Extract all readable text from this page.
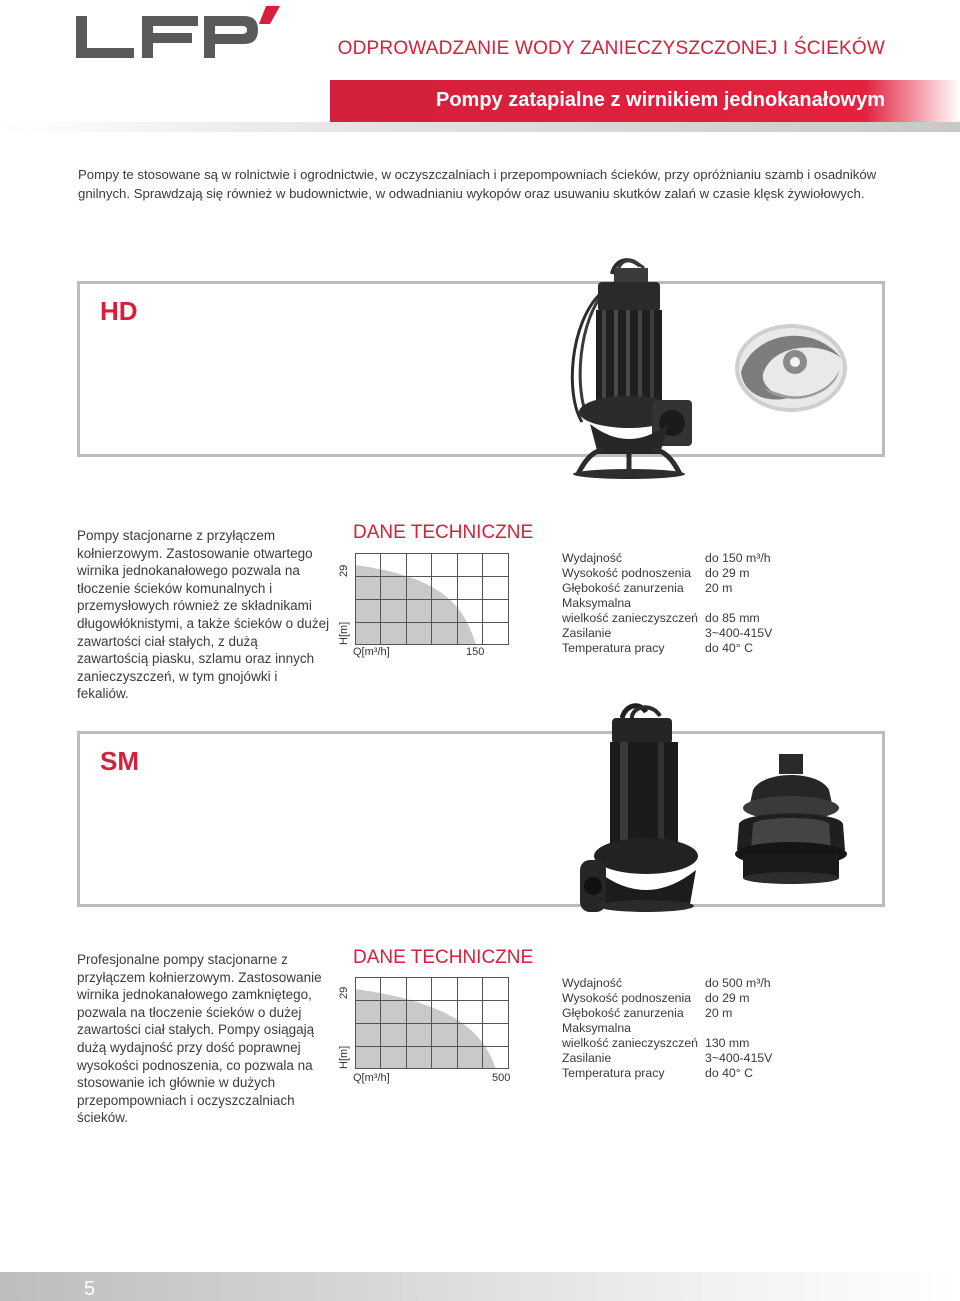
ODPROWADZANIE WODY ZANIECZYSZCZONEJ I ŚCIEKÓW
Pompy zatapialne z wirnikiem jednokanałowym
Pompy te stosowane są w rolnictwie i ogrodnictwie, w oczyszczalniach i przepompowniach ścieków, przy opróżnianiu szamb i osadników gnilnych. Sprawdzają się również w budownictwie, w odwadnianiu wykopów oraz usuwaniu skutków zalań w czasie klęsk żywiołowych.
HD
Pompy stacjonarne z przyłączem kołnierzowym. Zastosowanie otwartego wirnika jednokanałowego pozwala na tłoczenie ścieków komunalnych i przemysłowych również ze składnikami długowłóknistymi, a także ścieków o dużej zawartości ciał stałych, z dużą zawartością piasku, szlamu oraz innych zanieczyszczeń, w tym gnojówki i fekaliów.
DANE TECHNICZNE
29
H[m]
Q[m³/h]	150
Wydajność
Wysokość podnoszenia
Głębokość zanurzenia
Maksymalna
wielkość zanieczyszczeń
Zasilanie
Temperatura pracy
do 150 m³/h
do 29 m
20 m
do 85 mm
3~400-415V
do 40° C
SM
Profesjonalne pompy stacjonarne z przyłączem kołnierzowym. Zastosowanie wirnika jednokanałowego zamkniętego, pozwala na tłoczenie ścieków o dużej zawartości ciał stałych. Pompy osiągają dużą wydajność przy dość poprawnej wysokości podnoszenia, co pozwala na stosowanie ich głównie w dużych przepompowniach i oczyszczalniach ścieków.
DANE TECHNICZNE
29
H[m]
Q[m³/h]	500
Wydajność
Wysokość podnoszenia
Głębokość zanurzenia
Maksymalna
wielkość zanieczyszczeń
Zasilanie
Temperatura pracy
do 500 m³/h
do 29 m
20 m
130 mm
3~400-415V
do 40° C
5
